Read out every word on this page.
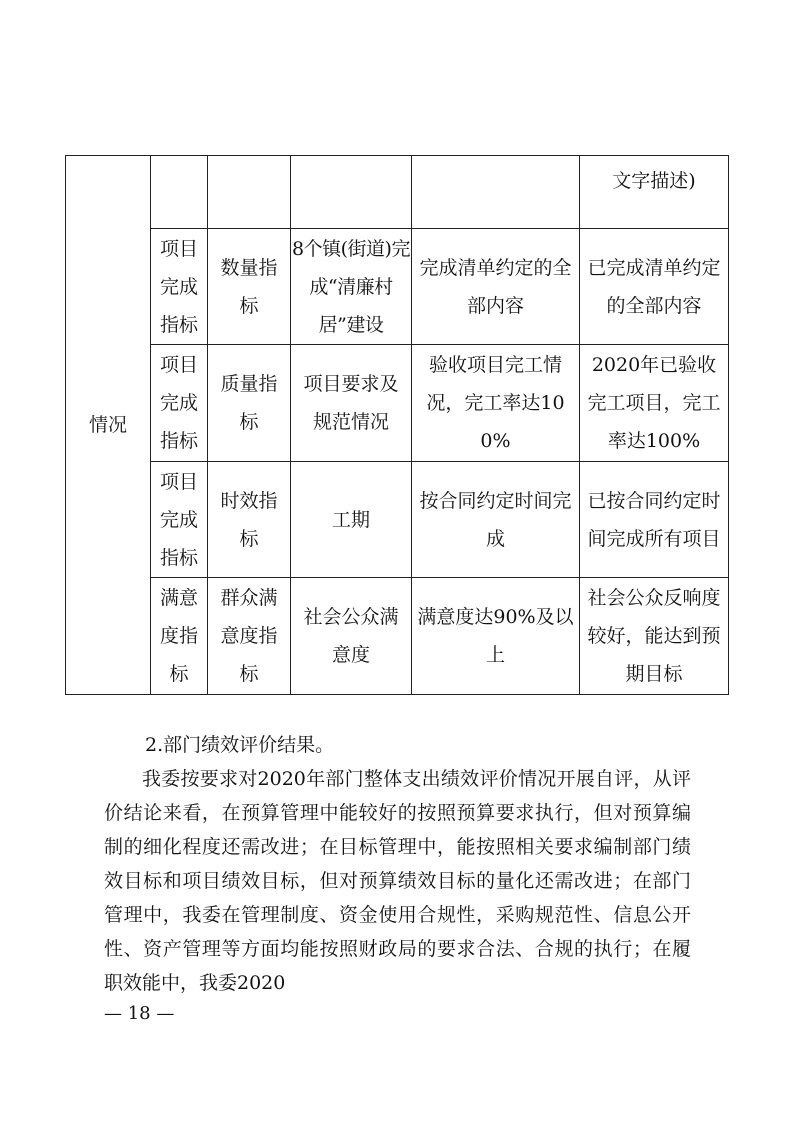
情况					文字描述)
	项目完成指标	数量指标	8个镇(街道)完成“清廉村居”建设	完成清单约定的全部内容	已完成清单约定的全部内容
	项目完成指标	质量指标	项目要求及规范情况	验收项目完工情况，完工率达100%	2020年已验收完工项目，完工率达100%
	项目完成指标	时效指标	工期	按合同约定时间完成	已按合同约定时间完成所有项目
	满意度指标	群众满意度指标	社会公众满意度	满意度达90%及以上	社会公众反响度较好，能达到预期目标

2.部门绩效评价结果。

我委按要求对2020年部门整体支出绩效评价情况开展自评，从评价结论来看，在预算管理中能较好的按照预算要求执行，但对预算编制的细化程度还需改进；在目标管理中，能按照相关要求编制部门绩效目标和项目绩效目标，但对预算绩效目标的量化还需改进；在部门管理中，我委在管理制度、资金使用合规性，采购规范性、信息公开性、资产管理等方面均能按照财政局的要求合法、合规的执行；在履职效能中，我委2020

— 18 —
